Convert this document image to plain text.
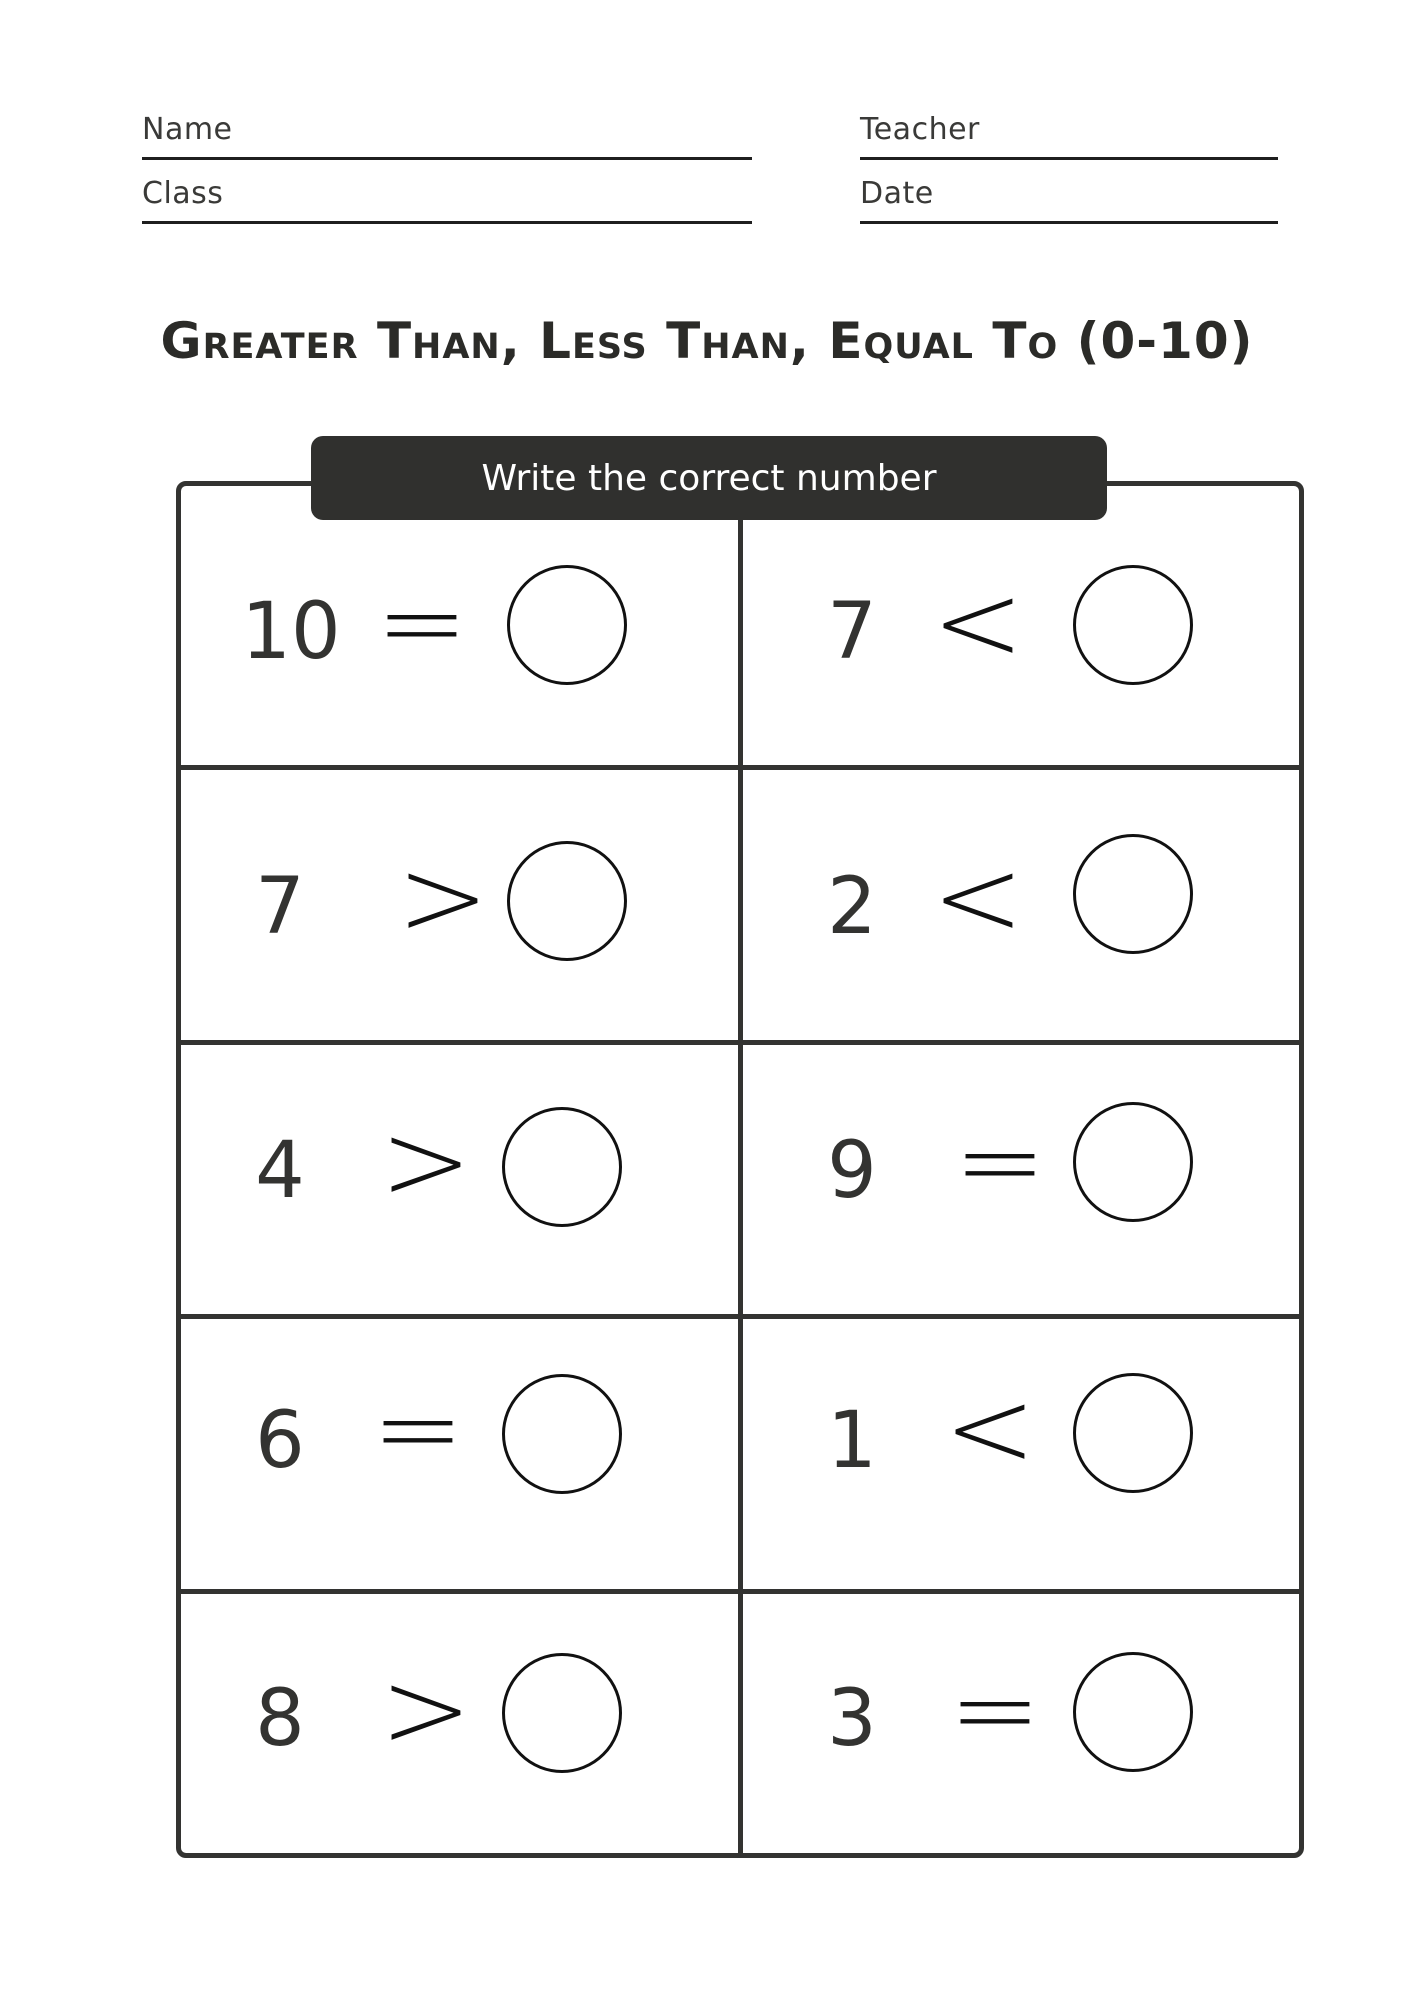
Name
Class
Teacher
Date
Greater Than, Less Than, Equal To (0-10)
Write the correct number
10 =	7 <
7 >	2 <
4 >	9 =
6 =	1 <
8 >	3 =
